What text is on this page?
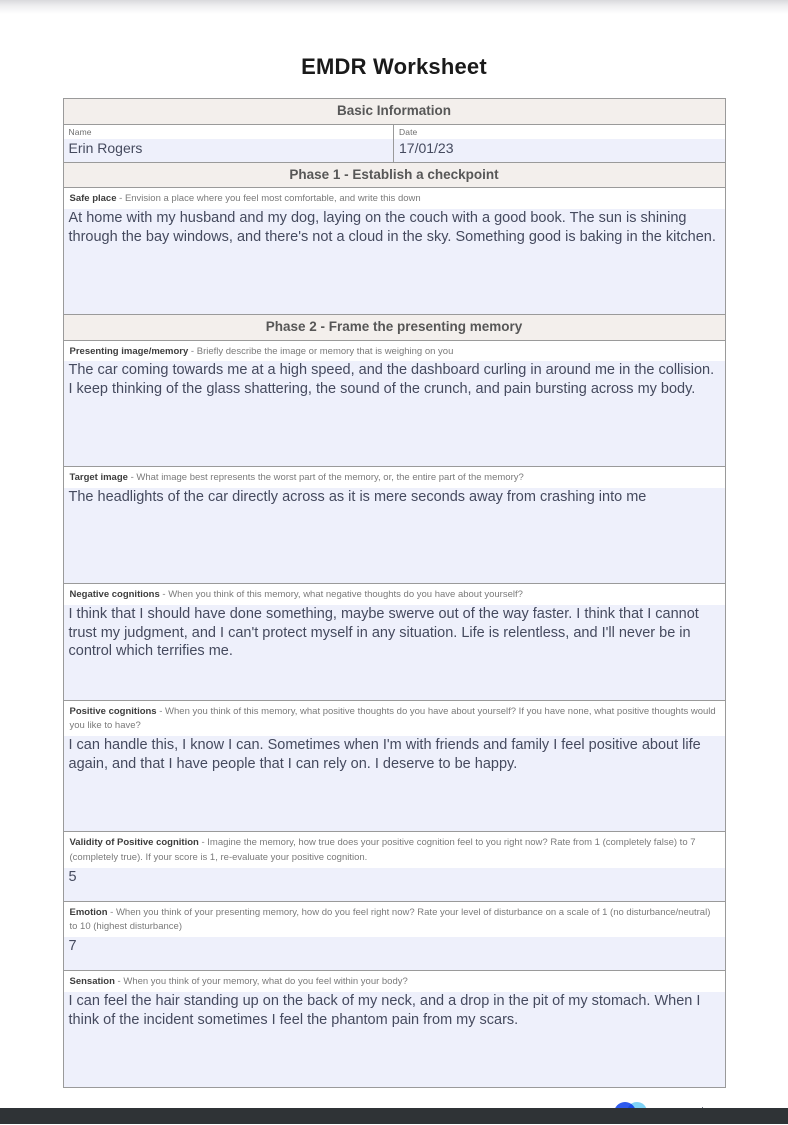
EMDR Worksheet
Basic Information
Name
Erin Rogers
Date
17/01/23
Phase 1 - Establish a checkpoint
Safe place - Envision a place where you feel most comfortable, and write this down
At home with my husband and my dog, laying on the couch with a good book. The sun is shining through the bay windows, and there's not a cloud in the sky. Something good is baking in the kitchen.
Phase 2 - Frame the presenting memory
Presenting image/memory - Briefly describe the image or memory that is weighing on you
The car coming towards me at a high speed, and the dashboard curling in around me in the collision. I keep thinking of the glass shattering, the sound of the crunch, and pain bursting across my body.
Target image - What image best represents the worst part of the memory, or, the entire part of the memory?
The headlights of the car directly across as it is mere seconds away from crashing into me
Negative cognitions - When you think of this memory, what negative thoughts do you have about yourself?
I think that I should have done something, maybe swerve out of the way faster. I think that I cannot trust my judgment, and I can't protect myself in any situation. Life is relentless, and I'll never be in control which terrifies me.
Positive cognitions - When you think of this memory, what positive thoughts do you have about yourself? If you have none, what positive thoughts would you like to have?
I can handle this, I know I can. Sometimes when I'm with friends and family I feel positive about life again, and that I have people that I can rely on. I deserve to be happy.
Validity of Positive cognition - Imagine the memory, how true does your positive cognition feel to you right now? Rate from 1 (completely false) to 7 (completely true). If your score is 1, re-evaluate your positive cognition.
5
Emotion - When you think of your presenting memory, how do you feel right now? Rate your level of disturbance on a scale of 1 (no disturbance/neutral) to 10 (highest disturbance)
7
Sensation - When you think of your memory, what do you feel within your body?
I can feel the hair standing up on the back of my neck, and a drop in the pit of my stomach. When I think of the incident sometimes I feel the phantom pain from my scars.
